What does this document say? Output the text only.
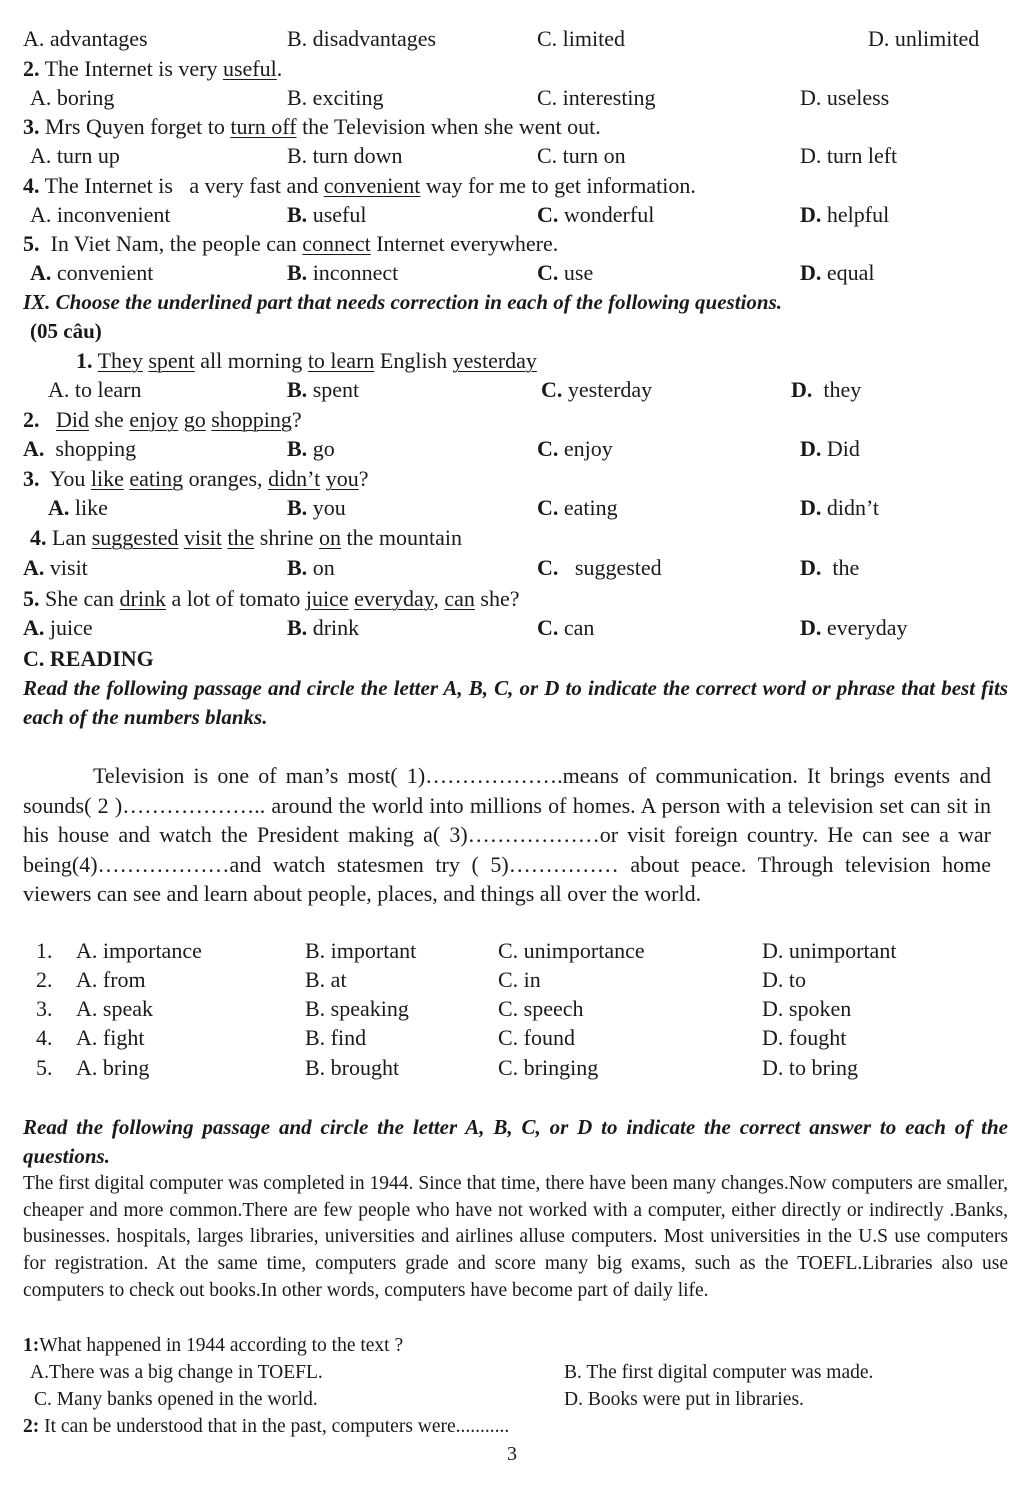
A. advantages	B. disadvantages	C. limited	D. unlimited
2. The Internet is very useful.
A. boring	B. exciting	C. interesting	D. useless
3. Mrs Quyen forget to turn off the Television when she went out.
A. turn up	B. turn down	C. turn on	D. turn left
4. The Internet is   a very fast and convenient way for me to get information.
A. inconvenient	B. useful	C. wonderful	D. helpful
5.  In Viet Nam, the people can connect Internet everywhere.
A. convenient	B. inconnect	C. use	D. equal
IX. Choose the underlined part that needs correction in each of the following questions.
(05 câu)
1. They spent all morning to learn English yesterday
A. to learn	B. spent	C. yesterday	D.  they
2. Did she enjoy go shopping?
A.  shopping	B. go	C. enjoy	D. Did
3.  You like eating oranges, didn’t you?
A. like	B. you	C. eating	D. didn’t
4. Lan suggested visit the shrine on the mountain
A. visit	B. on	C.   suggested	D.  the
5. She can drink a lot of tomato juice everyday, can she?
A. juice	B. drink	C. can	D. everyday
C. READING
Read the following passage and circle the letter A, B, C, or D to indicate the correct word or phrase that best fits each of the numbers blanks.
Television is one of man’s most( 1)……………….means of communication. It brings events and sounds( 2 )……………….. around the world into millions of homes. A person with a television set can sit in his house and watch the President making a( 3)………………or visit foreign country. He can see a war being(4)………………and watch statesmen try ( 5)…………… about peace. Through television home viewers can see and learn about people, places, and things all over the world.
1. A. importance	B. important	C. unimportance	D. unimportant
2. A. from	B. at	C. in	D. to
3. A. speak	B. speaking	C. speech	D. spoken
4. A. fight	B. find	C. found	D. fought
5. A. bring	B. brought	C. bringing	D. to bring
Read the following passage and circle the letter A, B, C, or D to indicate the correct answer to each of the questions.
The first digital computer was completed in 1944. Since that time, there have been many changes.Now computers are smaller, cheaper and more common.There are few people who have not worked with a computer, either directly or indirectly .Banks, businesses. hospitals, larges libraries, universities and airlines alluse computers. Most universities in the U.S use computers for registration. At the same time, computers grade and score many big exams, such as the TOEFL.Libraries also use computers to check out books.In other words, computers have become part of daily life.
1:What happened in 1944 according to the text ?
A.There was a big change in TOEFL.	B. The first digital computer was made.
C. Many banks opened in the world.	D. Books were put in libraries.
2: It can be understood that in the past, computers were...........
3
